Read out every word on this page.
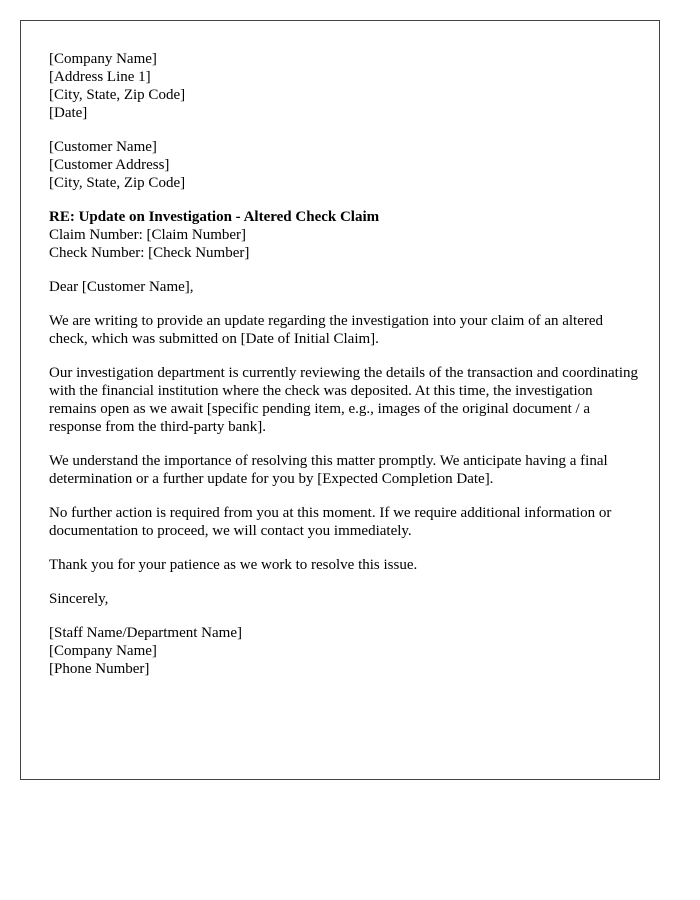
[Company Name]
[Address Line 1]
[City, State, Zip Code]
[Date]
[Customer Name]
[Customer Address]
[City, State, Zip Code]
RE: Update on Investigation - Altered Check Claim
Claim Number: [Claim Number]
Check Number: [Check Number]

Dear [Customer Name],

We are writing to provide an update regarding the investigation into your claim of an altered check, which was submitted on [Date of Initial Claim].

Our investigation department is currently reviewing the details of the transaction and coordinating with the financial institution where the check was deposited. At this time, the investigation remains open as we await [specific pending item, e.g., images of the original document / a response from the third-party bank].

We understand the importance of resolving this matter promptly. We anticipate having a final determination or a further update for you by [Expected Completion Date].

No further action is required from you at this moment. If we require additional information or documentation to proceed, we will contact you immediately.

Thank you for your patience as we work to resolve this issue.

Sincerely,

[Staff Name/Department Name]
[Company Name]
[Phone Number]
